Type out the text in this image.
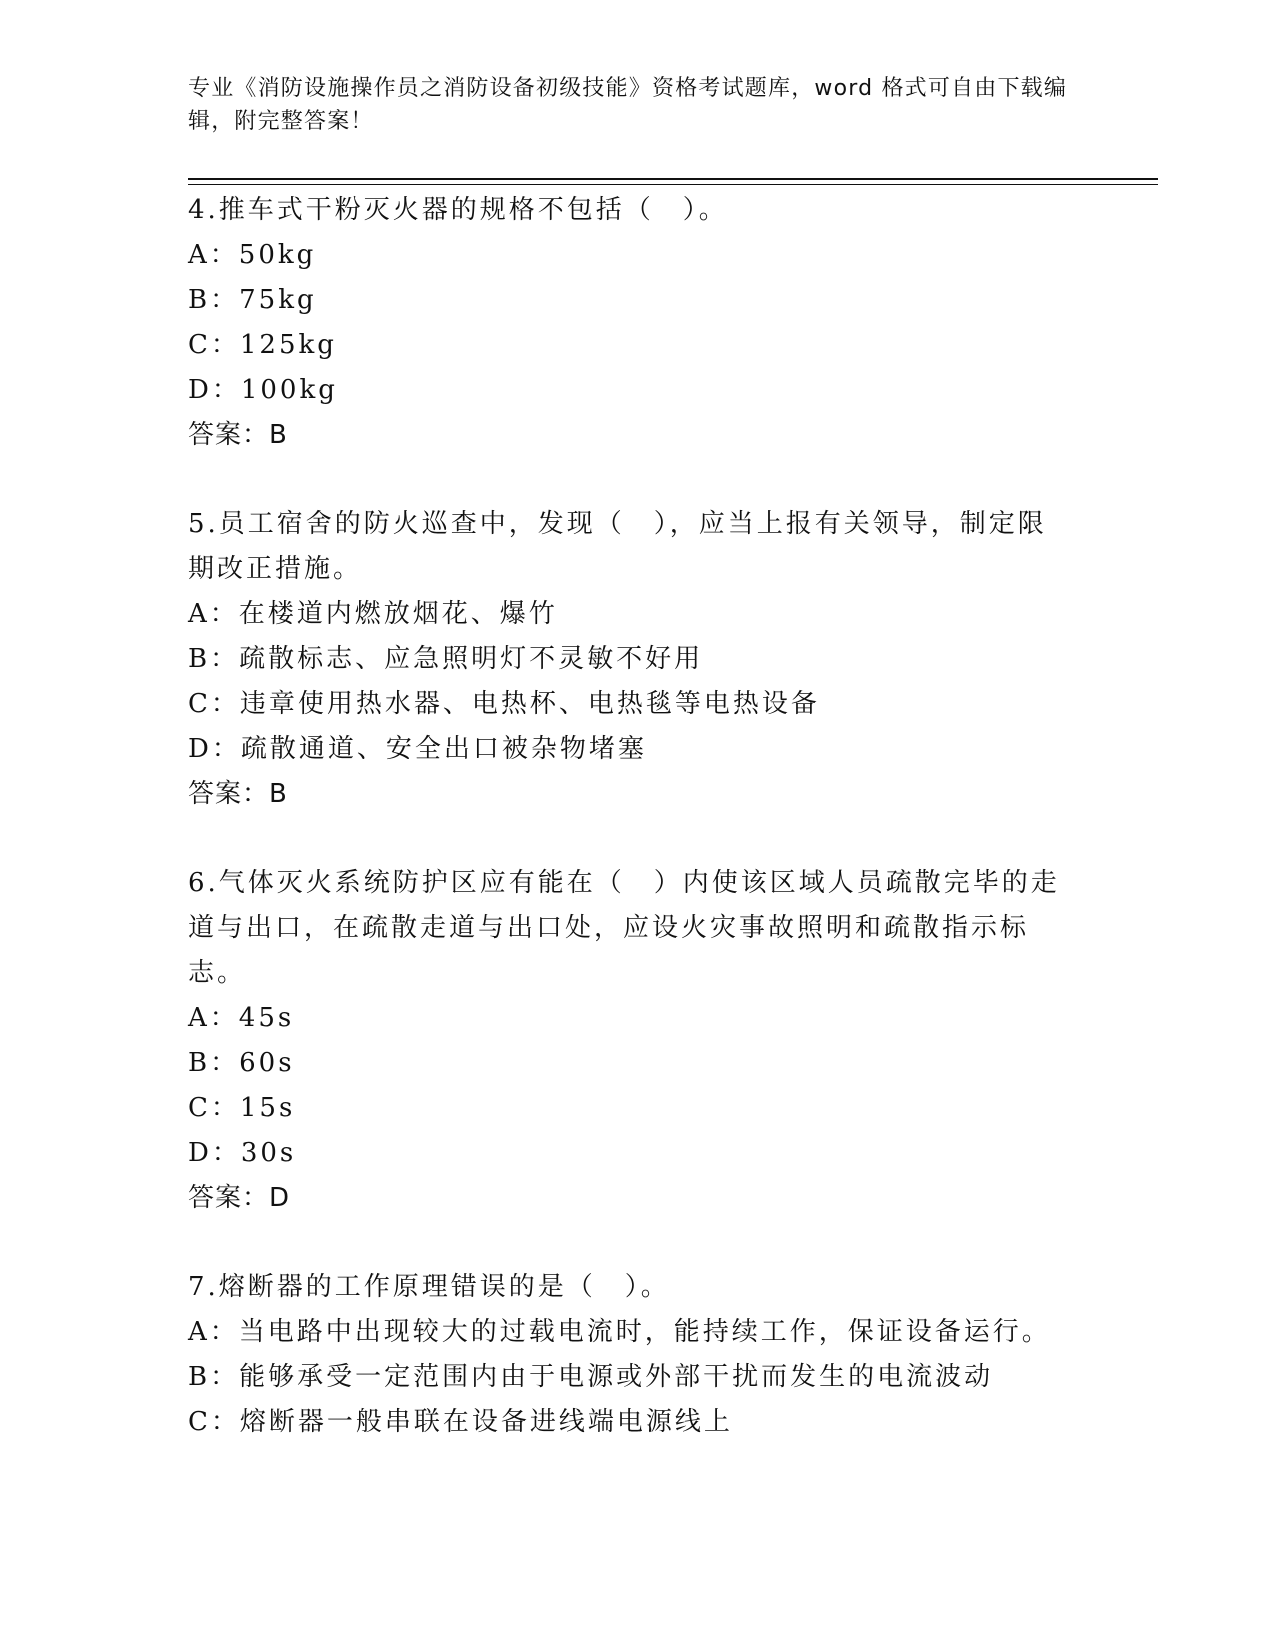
专业《消防设施操作员之消防设备初级技能》资格考试题库，word 格式可自由下载编辑，附完整答案！
4.推车式干粉灭火器的规格不包括（　）。
A：50kg
B：75kg
C：125kg
D：100kg
答案：B
5.员工宿舍的防火巡查中，发现（　），应当上报有关领导，制定限期改正措施。
A：在楼道内燃放烟花、爆竹
B：疏散标志、应急照明灯不灵敏不好用
C：违章使用热水器、电热杯、电热毯等电热设备
D：疏散通道、安全出口被杂物堵塞
答案：B
6.气体灭火系统防护区应有能在（　）内使该区域人员疏散完毕的走道与出口，在疏散走道与出口处，应设火灾事故照明和疏散指示标志。
A：45s
B：60s
C：15s
D：30s
答案：D
7.熔断器的工作原理错误的是（　）。
A：当电路中出现较大的过载电流时，能持续工作，保证设备运行。
B：能够承受一定范围内由于电源或外部干扰而发生的电流波动
C：熔断器一般串联在设备进线端电源线上
